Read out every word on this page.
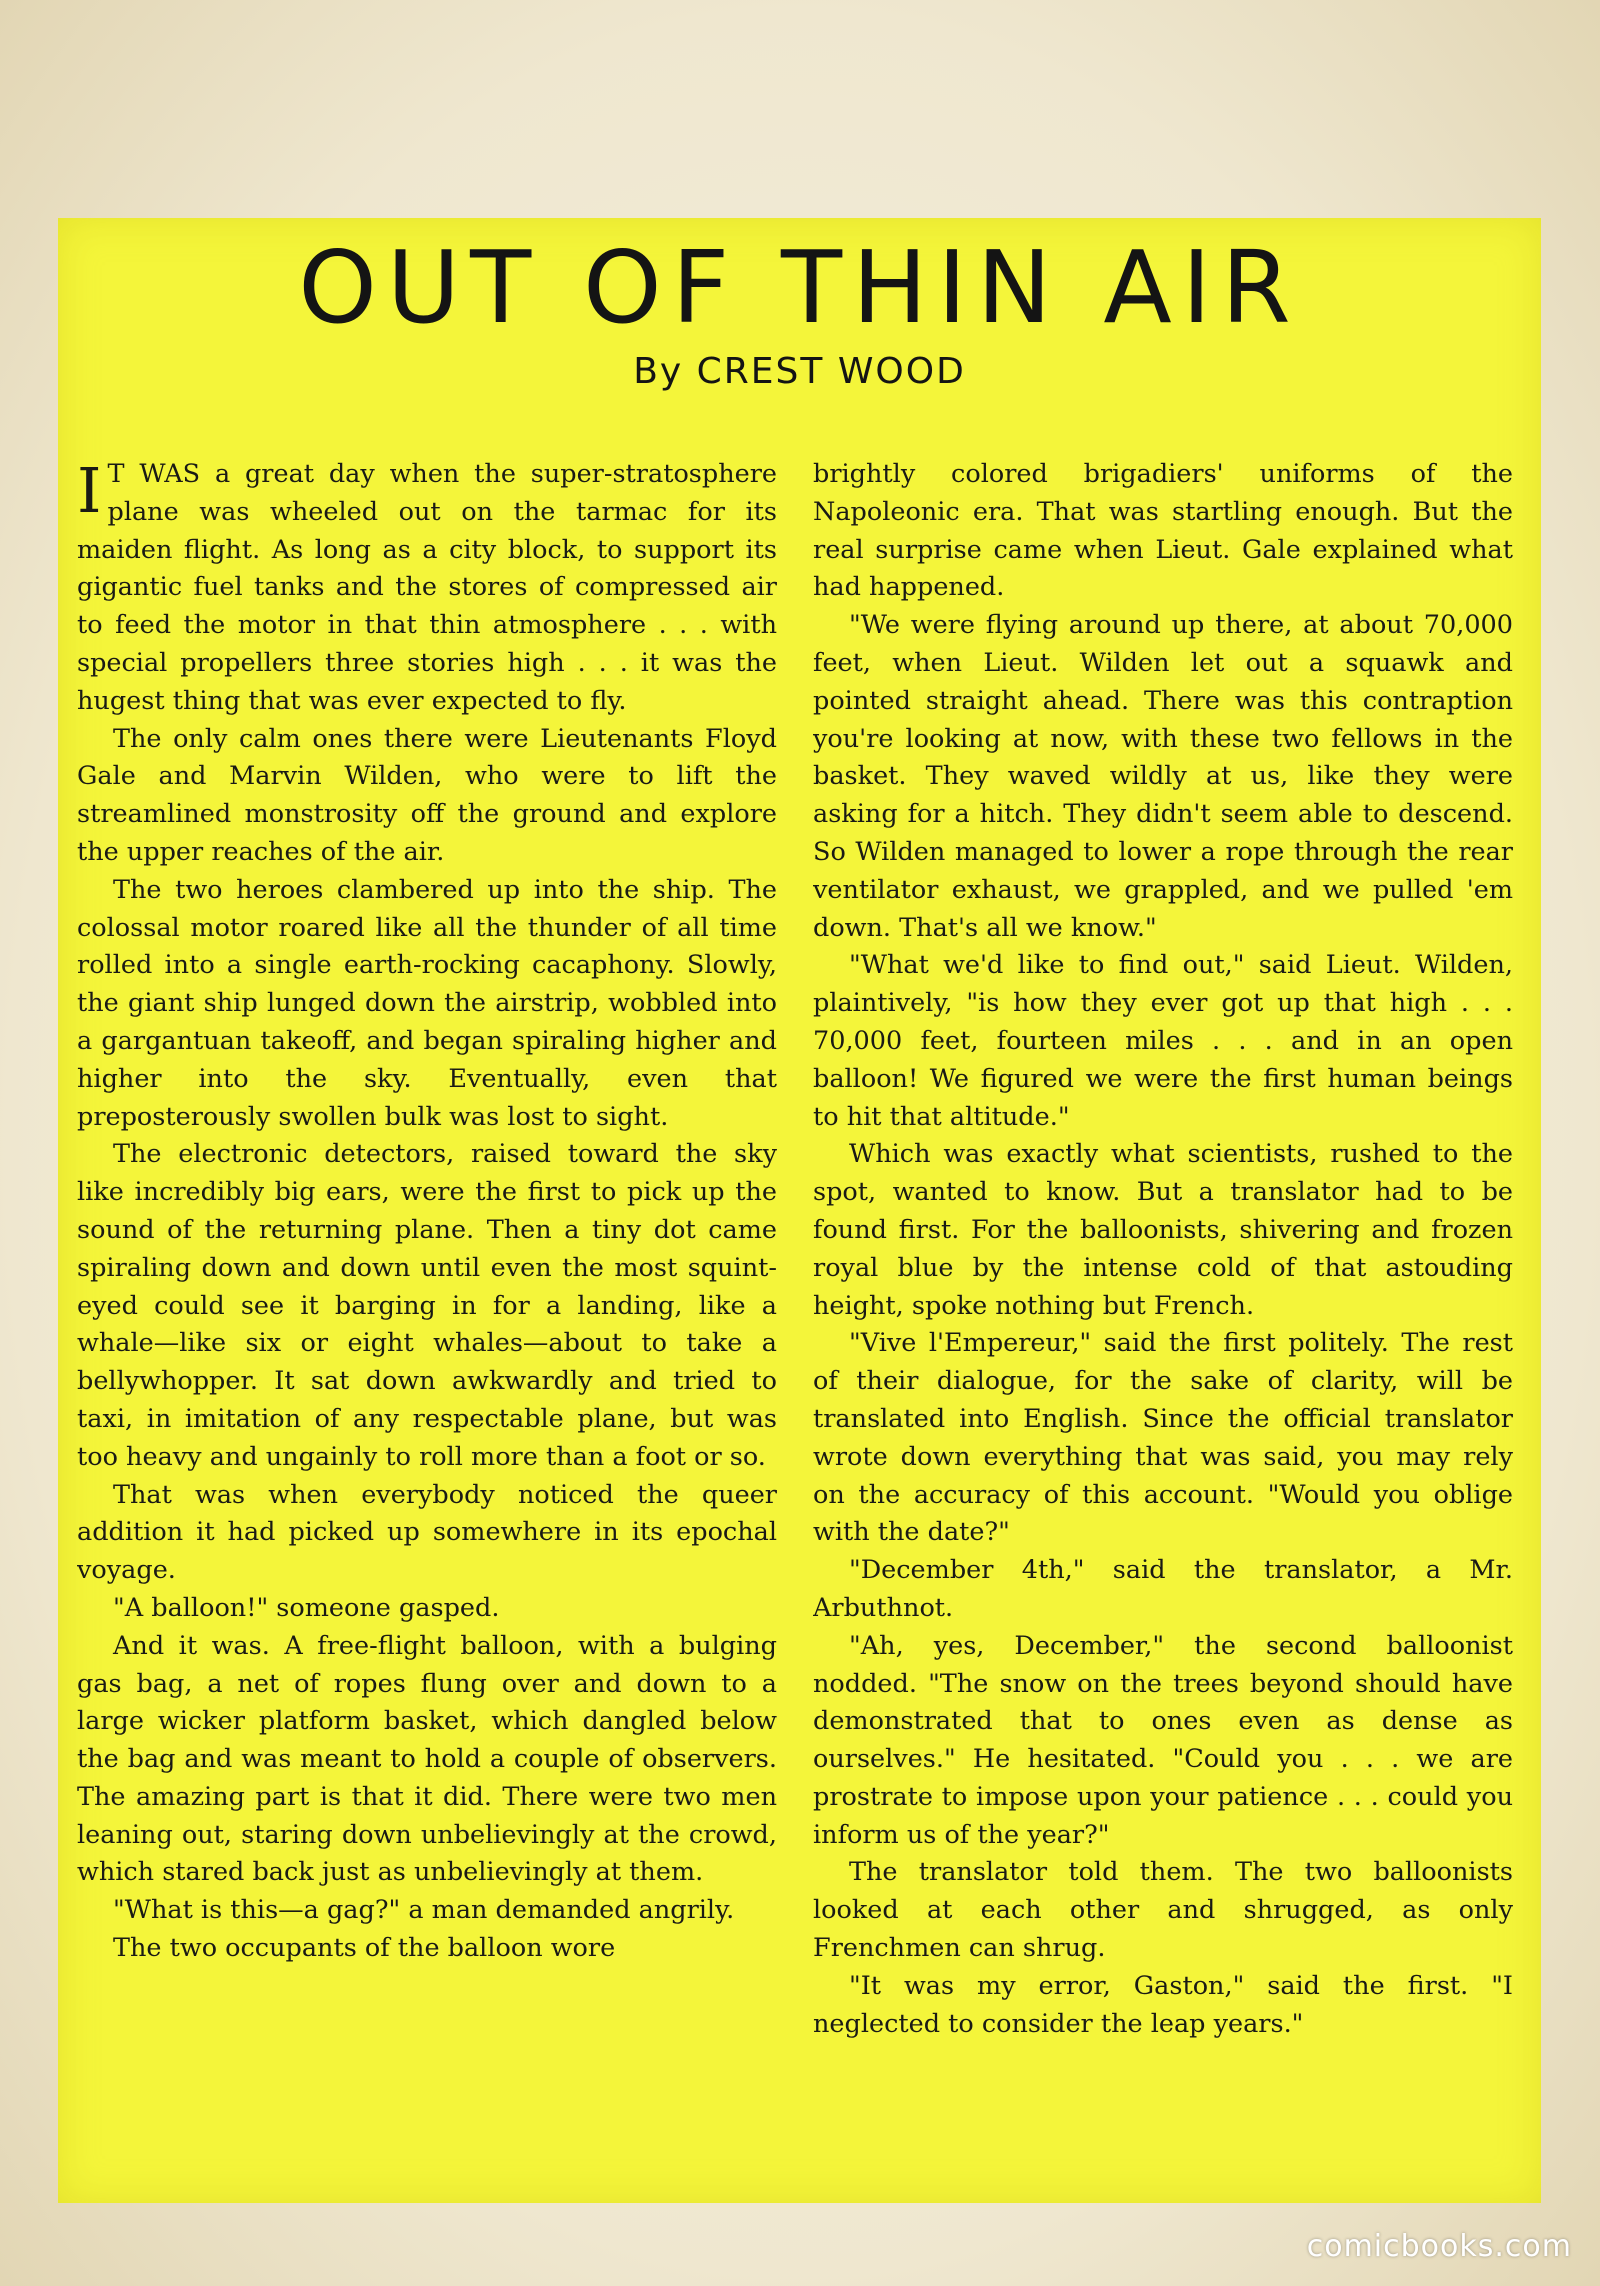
OUT OF THIN AIR
By CREST WOOD

I T WAS a great day when the super-stratosphere plane was wheeled out on the tarmac for its maiden flight. As long as a city block, to support its gigantic fuel tanks and the stores of compressed air to feed the motor in that thin atmosphere . . . with special propellers three stories high . . . it was the hugest thing that was ever expected to fly.

The only calm ones there were Lieutenants Floyd Gale and Marvin Wilden, who were to lift the streamlined monstrosity off the ground and explore the upper reaches of the air.

The two heroes clambered up into the ship. The colossal motor roared like all the thunder of all time rolled into a single earth-rocking cacaphony. Slowly, the giant ship lunged down the airstrip, wobbled into a gargantuan takeoff, and began spiraling higher and higher into the sky. Eventually, even that preposterously swollen bulk was lost to sight.

The electronic detectors, raised toward the sky like incredibly big ears, were the first to pick up the sound of the returning plane. Then a tiny dot came spiraling down and down until even the most squint-eyed could see it barging in for a landing, like a whale—like six or eight whales—about to take a bellywhopper. It sat down awkwardly and tried to taxi, in imitation of any respectable plane, but was too heavy and ungainly to roll more than a foot or so.

That was when everybody noticed the queer addition it had picked up somewhere in its epochal voyage.

"A balloon!" someone gasped.

And it was. A free-flight balloon, with a bulging gas bag, a net of ropes flung over and down to a large wicker platform basket, which dangled below the bag and was meant to hold a couple of observers. The amazing part is that it did. There were two men leaning out, staring down unbelievingly at the crowd, which stared back just as unbelievingly at them.

"What is this—a gag?" a man demanded angrily.

The two occupants of the balloon wore

brightly colored brigadiers' uniforms of the Napoleonic era. That was startling enough. But the real surprise came when Lieut. Gale explained what had happened.

"We were flying around up there, at about 70,000 feet, when Lieut. Wilden let out a squawk and pointed straight ahead. There was this contraption you're looking at now, with these two fellows in the basket. They waved wildly at us, like they were asking for a hitch. They didn't seem able to descend. So Wilden managed to lower a rope through the rear ventilator exhaust, we grappled, and we pulled 'em down. That's all we know."

"What we'd like to find out," said Lieut. Wilden, plaintively, "is how they ever got up that high . . . 70,000 feet, fourteen miles . . . and in an open balloon! We figured we were the first human beings to hit that altitude."

Which was exactly what scientists, rushed to the spot, wanted to know. But a translator had to be found first. For the balloonists, shivering and frozen royal blue by the intense cold of that astouding height, spoke nothing but French.

"Vive l'Empereur," said the first politely. The rest of their dialogue, for the sake of clarity, will be translated into English. Since the official translator wrote down everything that was said, you may rely on the accuracy of this account. "Would you oblige with the date?"

"December 4th," said the translator, a Mr. Arbuthnot.

"Ah, yes, December," the second balloonist nodded. "The snow on the trees beyond should have demonstrated that to ones even as dense as ourselves." He hesitated. "Could you . . . we are prostrate to impose upon your patience . . . could you inform us of the year?"

The translator told them. The two balloonists looked at each other and shrugged, as only Frenchmen can shrug.

"It was my error, Gaston," said the first. "I neglected to consider the leap years."

comicbooks.com
